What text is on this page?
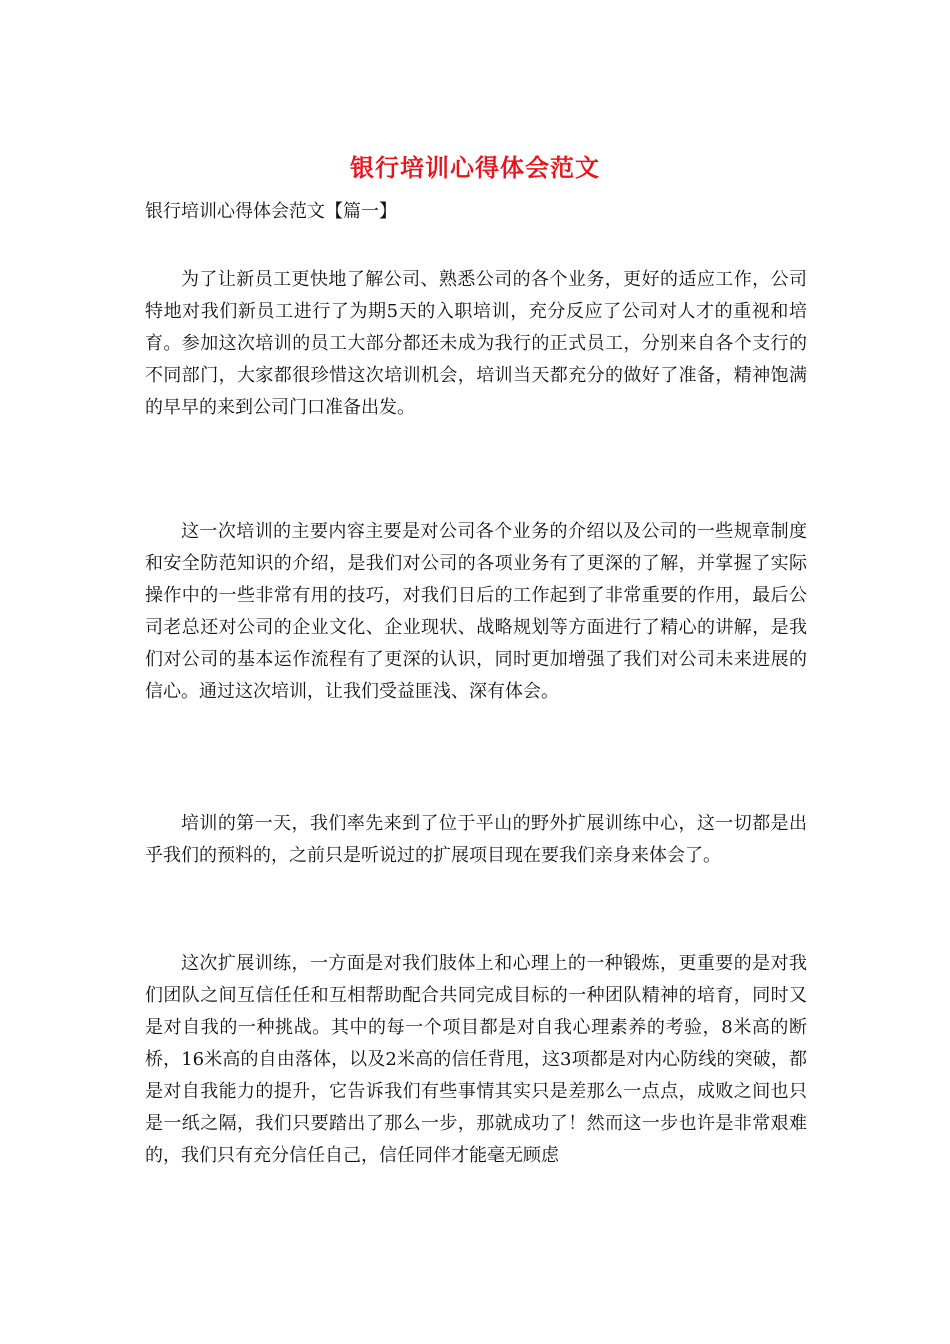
银行培训心得体会范文
银行培训心得体会范文【篇一】

为了让新员工更快地了解公司、熟悉公司的各个业务，更好的适应工作，公司特地对我们新员工进行了为期5天的入职培训，充分反应了公司对人才的重视和培育。参加这次培训的员工大部分都还未成为我行的正式员工，分别来自各个支行的不同部门，大家都很珍惜这次培训机会，培训当天都充分的做好了准备，精神饱满的早早的来到公司门口准备出发。

这一次培训的主要内容主要是对公司各个业务的介绍以及公司的一些规章制度和安全防范知识的介绍，是我们对公司的各项业务有了更深的了解，并掌握了实际操作中的一些非常有用的技巧，对我们日后的工作起到了非常重要的作用，最后公司老总还对公司的企业文化、企业现状、战略规划等方面进行了精心的讲解，是我们对公司的基本运作流程有了更深的认识，同时更加增强了我们对公司未来进展的信心。通过这次培训，让我们受益匪浅、深有体会。

培训的第一天，我们率先来到了位于平山的野外扩展训练中心，这一切都是出乎我们的预料的，之前只是听说过的扩展项目现在要我们亲身来体会了。

这次扩展训练，一方面是对我们肢体上和心理上的一种锻炼，更重要的是对我们团队之间互信任任和互相帮助配合共同完成目标的一种团队精神的培育，同时又是对自我的一种挑战。其中的每一个项目都是对自我心理素养的考验，8米高的断桥，16米高的自由落体，以及2米高的信任背甩，这3项都是对内心防线的突破，都是对自我能力的提升，它告诉我们有些事情其实只是差那么一点点，成败之间也只是一纸之隔，我们只要踏出了那么一步，那就成功了！然而这一步也许是非常艰难的，我们只有充分信任自己，信任同伴才能毫无顾虑
